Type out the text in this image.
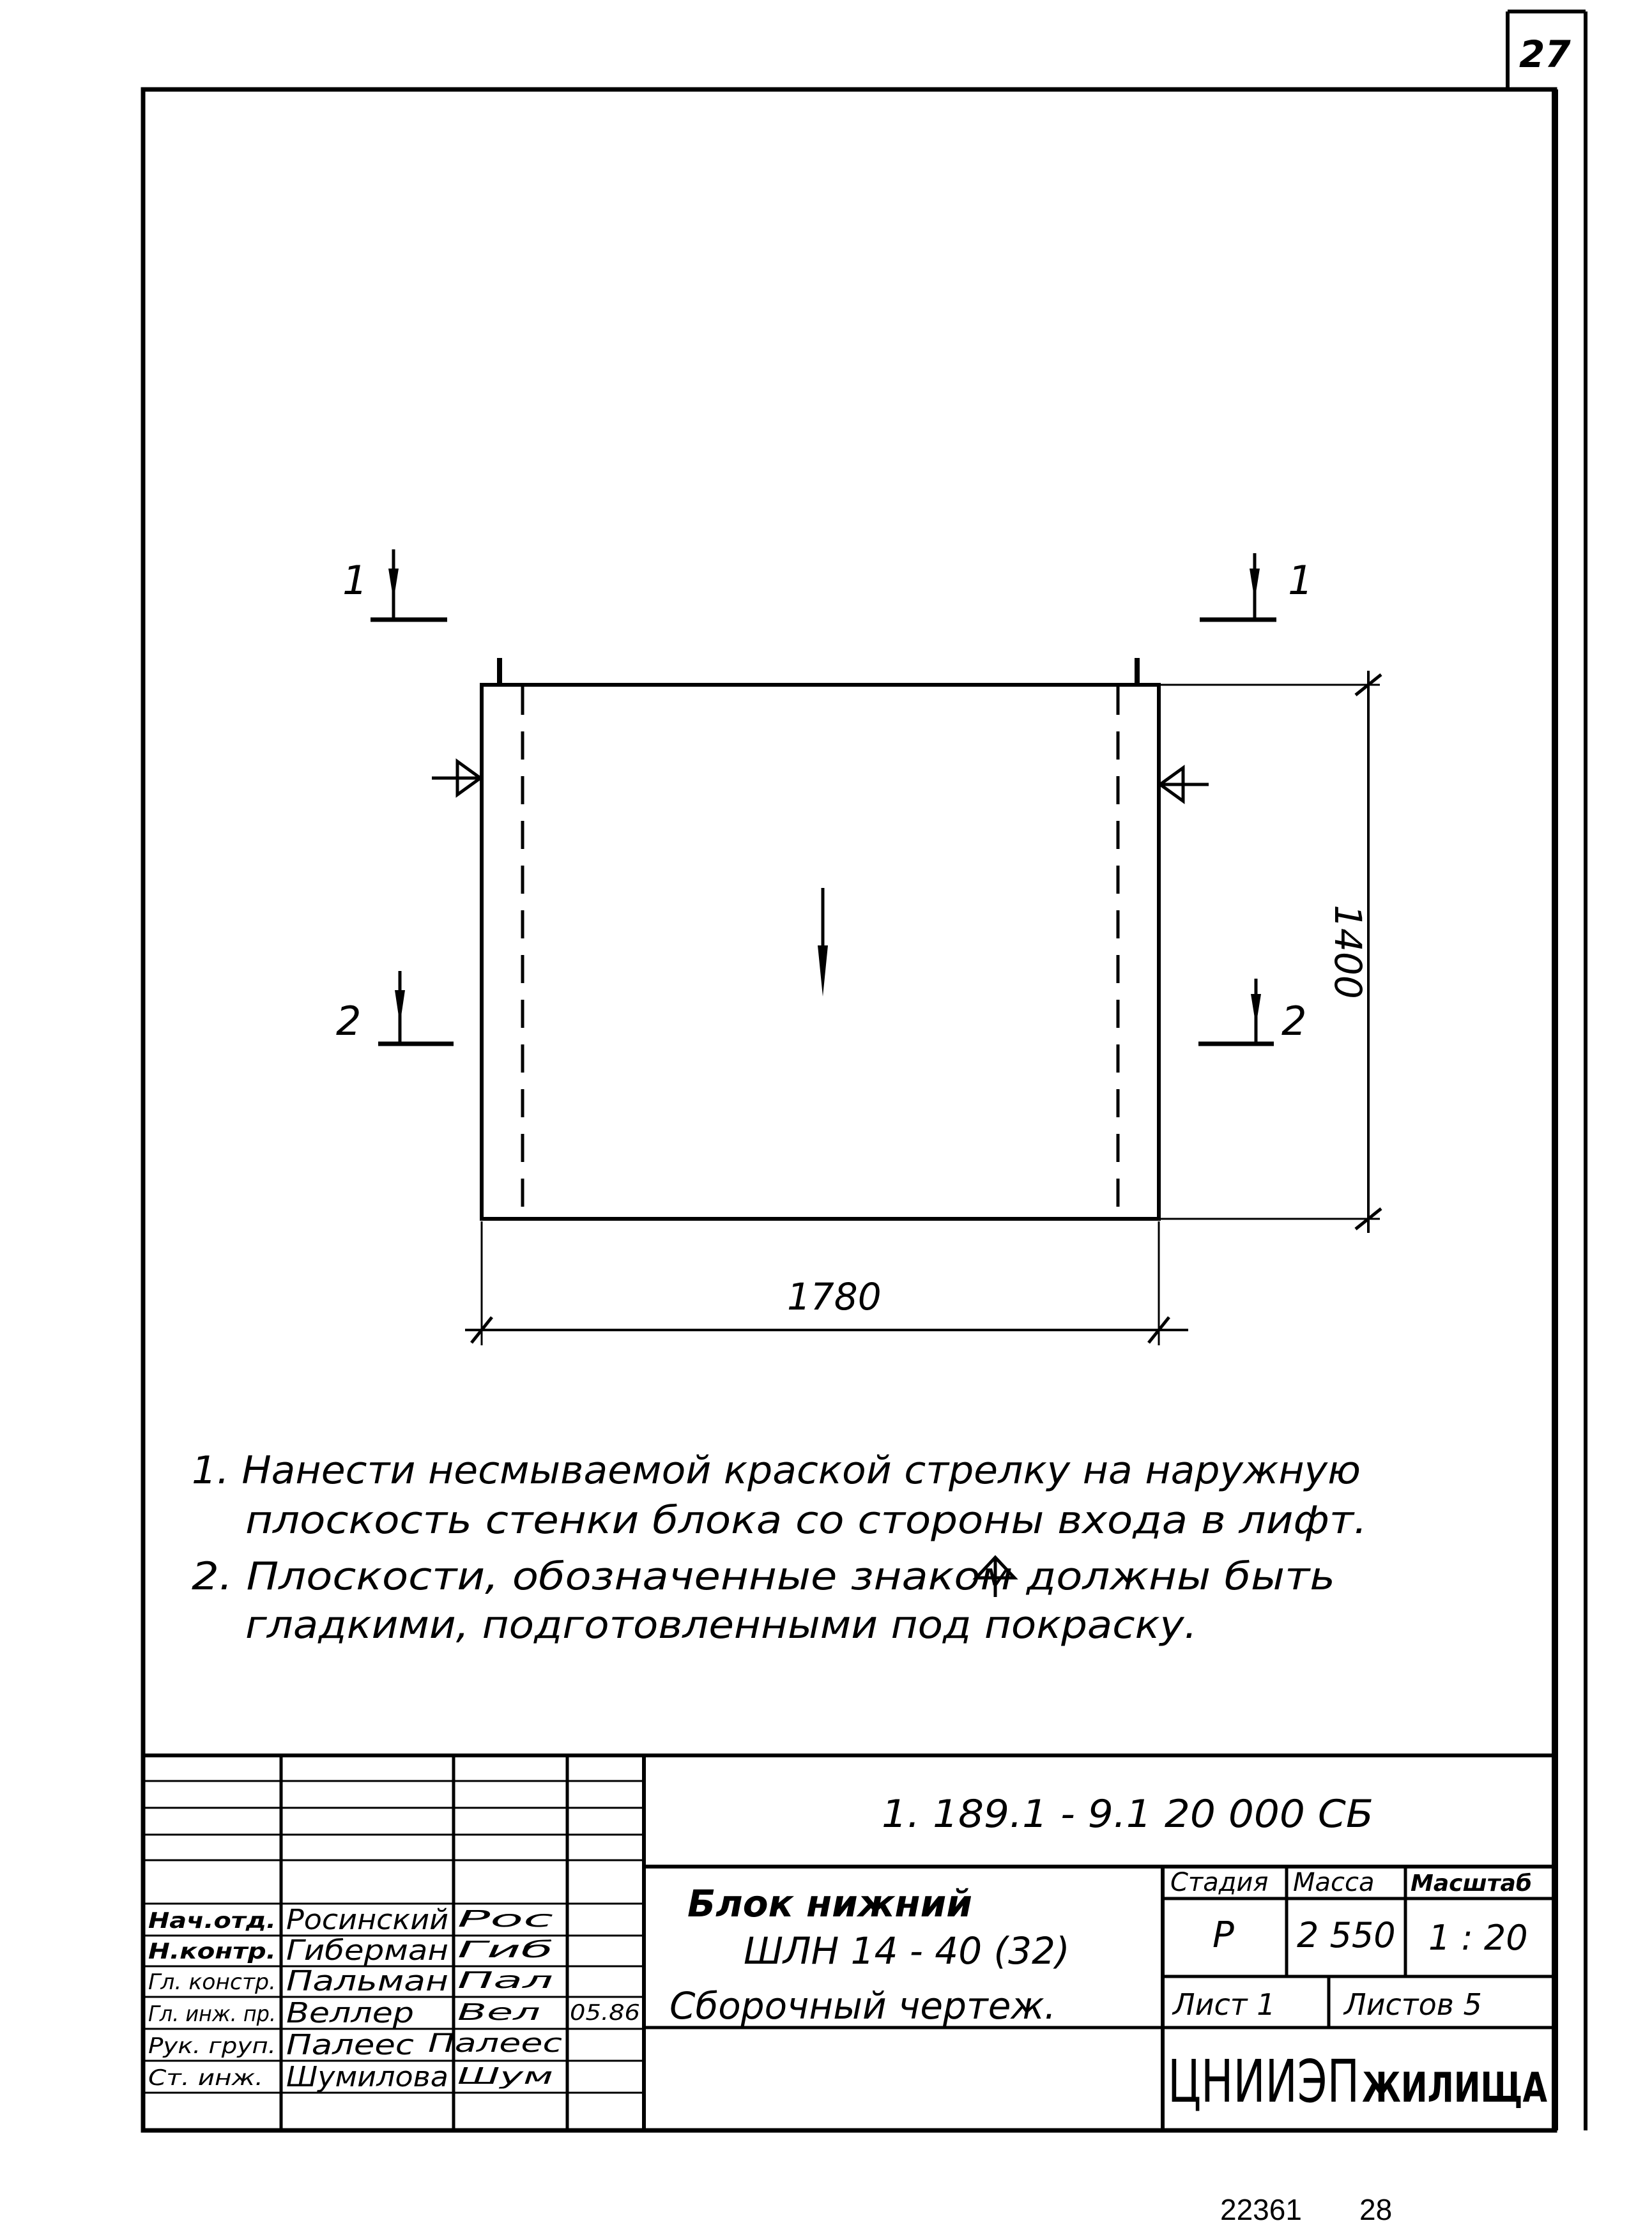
27
1	1
2	2
1780
1400
1. Нанести несмываемой краской стрелку на наружную
плоскость стенки блока со стороны входа в лифт.
2. Плоскости, обозначенные знаком должны быть
гладкими, подготовленными под покраску.
1. 189.1 - 9.1 20 000 СБ
Блок нижний
ШЛН 14 - 40 (32)
Сборочный чертеж.
Стадия Масса Масштаб
Р 2 550 1 : 20
Лист 1 Листов 5
ЦНИИЭП ЖИЛИЩА
Нач.отд. Росинский Рос
Н.контр. Гиберман Гиб
Гл. констр. Пальман Пал
Гл. инж. пр. Веллер Вел 05.86
Рук. груп. Палеес Палеес
Ст. инж. Шумилова Шум
22361 28
